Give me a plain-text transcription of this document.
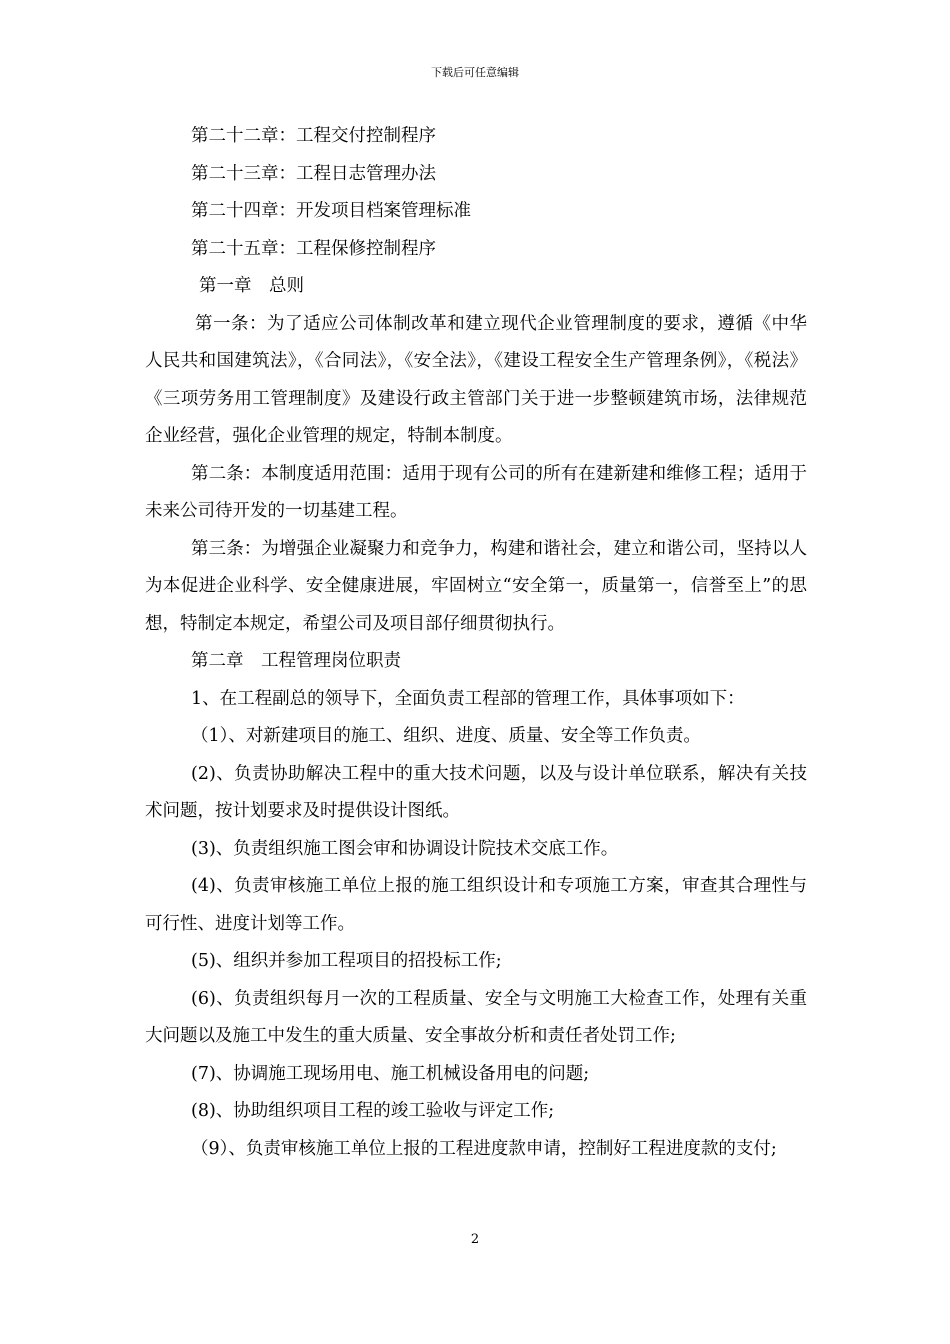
下载后可任意编辑

第二十二章：工程交付控制程序

第二十三章：工程日志管理办法

第二十四章：开发项目档案管理标准

第二十五章：工程保修控制程序

第一章　总则

第一条：为了适应公司体制改革和建立现代企业管理制度的要求，遵循《中华人民共和国建筑法》，《合同法》，《安全法》，《建设工程安全生产管理条例》，《税法》《三项劳务用工管理制度》及建设行政主管部门关于进一步整顿建筑市场，法律规范企业经营，强化企业管理的规定，特制本制度。

第二条：本制度适用范围：适用于现有公司的所有在建新建和维修工程；适用于未来公司待开发的一切基建工程。

第三条：为增强企业凝聚力和竞争力，构建和谐社会，建立和谐公司，坚持以人为本促进企业科学、安全健康进展，牢固树立“安全第一，质量第一，信誉至上”的思想，特制定本规定，希望公司及项目部仔细贯彻执行。

第二章　工程管理岗位职责

1、在工程副总的领导下，全面负责工程部的管理工作，具体事项如下：

（1）、对新建项目的施工、组织、进度、质量、安全等工作负责。

(2)、负责协助解决工程中的重大技术问题，以及与设计单位联系，解决有关技术问题，按计划要求及时提供设计图纸。

(3)、负责组织施工图会审和协调设计院技术交底工作。

(4)、负责审核施工单位上报的施工组织设计和专项施工方案，审查其合理性与可行性、进度计划等工作。

(5)、组织并参加工程项目的招投标工作;

(6)、负责组织每月一次的工程质量、安全与文明施工大检查工作，处理有关重大问题以及施工中发生的重大质量、安全事故分析和责任者处罚工作;

(7)、协调施工现场用电、施工机械设备用电的问题;

(8)、协助组织项目工程的竣工验收与评定工作;

（9）、负责审核施工单位上报的工程进度款申请，控制好工程进度款的支付;

2
